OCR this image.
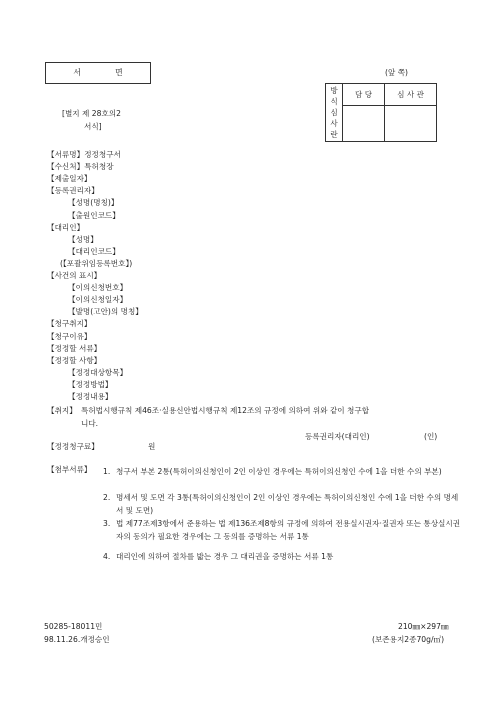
서	면	(앞 쪽)
[별지 제 28호의2
서식]
방
식
심
사
란	담 당	심 사 관

【서류명】정정청구서
【수신처】특허청장
【제출일자】
【등록권리자】
【성명(명칭)】
【출원인코드】
【대리인】
【성명】
【대리인코드】
(【포괄위임등록번호】)
【사건의 표시】
【이의신청번호】
【이의신청일자】
【발명(고안)의 명칭】
【청구취지】
【청구이유】
【정정할 서류】
【정정할 사항】
【정정대상항목】
【정정방법】
【정정내용】
【취지】 특허법시행규칙 제46조·실용신안법시행규칙 제12조의 규정에 의하여 위와 같이 청구합
니다.
등록권리자(대리인)	(인)
【정정청구료】	원
【첨부서류】 1. 청구서 부본 2통(특허이의신청인이 2인 이상인 경우에는 특허이의신청인 수에 1을 더한 수의 부본)
2. 명세서 및 도면 각 3통(특허이의신청인이 2인 이상인 경우에는 특허이의신청인 수에 1을 더한 수의 명세서 및 도면)
3. 법 제77조제3항에서 준용하는 법 제136조제8항의 규정에 의하여 전용실시권자·질권자 또는 통상실시권자의 동의가 필요한 경우에는 그 동의를 증명하는 서류 1통
4. 대리인에 의하여 절차를 밟는 경우 그 대리권을 증명하는 서류 1통
50285-18011민
98.11.26.개정승인
210㎜×297㎜
(보존용지2종70g/㎡)
